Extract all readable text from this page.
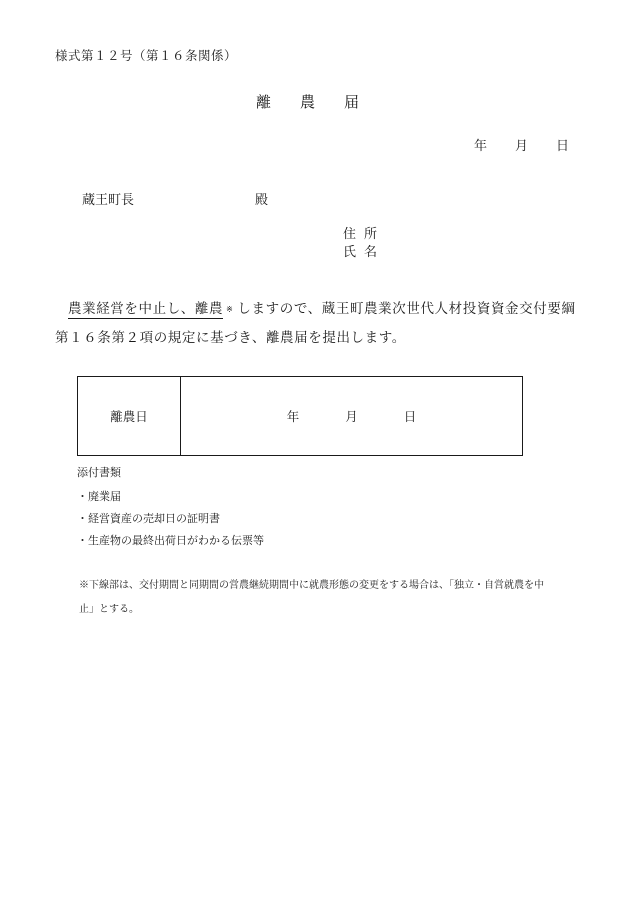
様式第１２号（第１６条関係）
離 農 届
年 月 日
蔵王町長	殿
住所
氏名
農業経営を中止し、離農 ※ しますので、蔵王町農業次世代人材投資資金交付要綱
第１６条第２項の規定に基づき、離農届を提出します。
離農日	年	月	日
添付書類
・廃業届
・経営資産の売却日の証明書
・生産物の最終出荷日がわかる伝票等
※下線部は、交付期間と同期間の営農継続期間中に就農形態の変更をする場合は、「独立・自営就農を中
止」とする。
